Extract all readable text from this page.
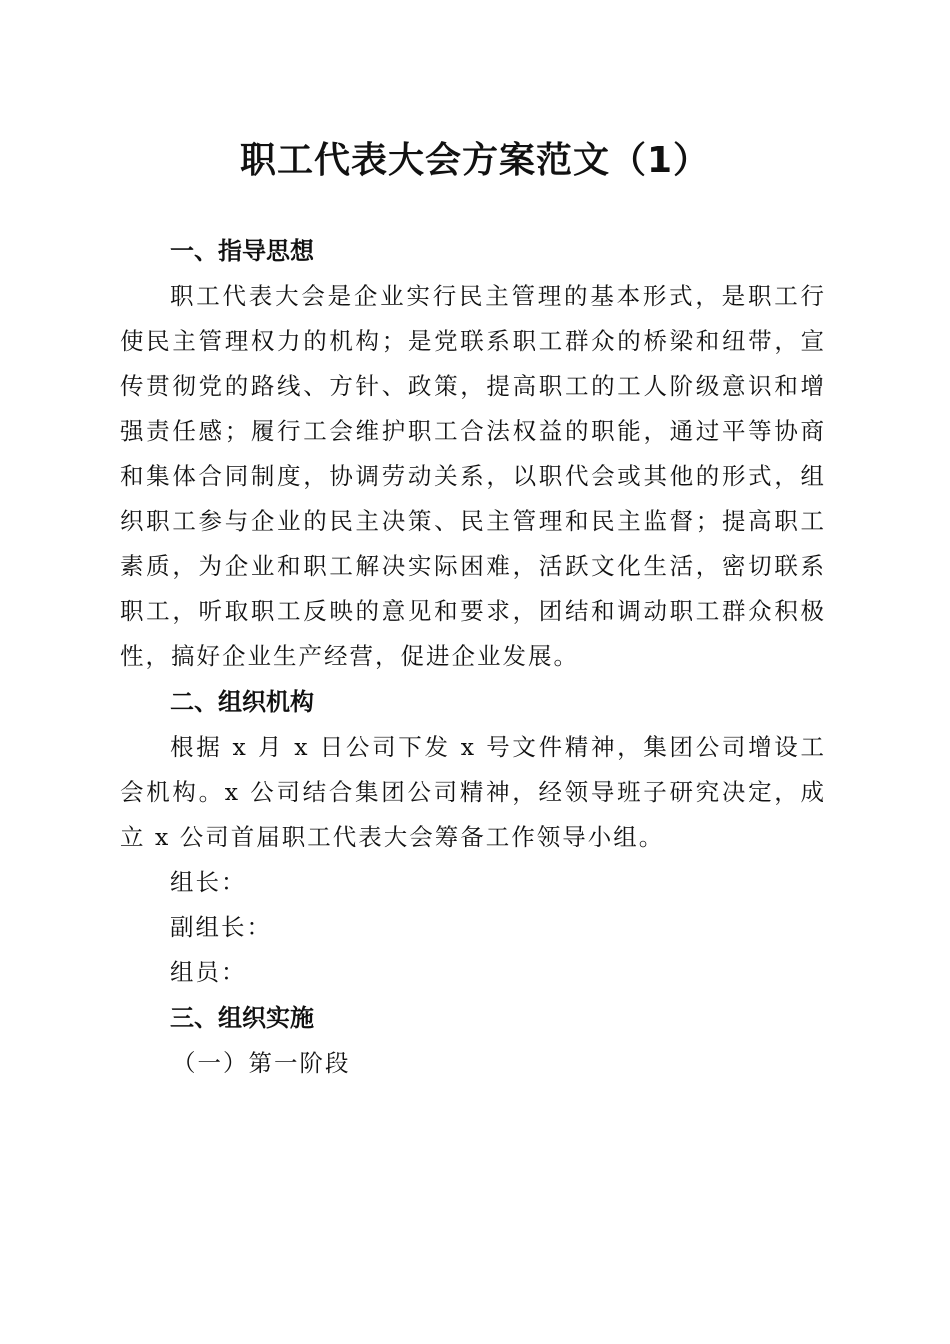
职工代表大会方案范文（1）
一、指导思想

职工代表大会是企业实行民主管理的基本形式，是职工行使民主管理权力的机构；是党联系职工群众的桥梁和纽带，宣传贯彻党的路线、方针、政策，提高职工的工人阶级意识和增强责任感；履行工会维护职工合法权益的职能，通过平等协商和集体合同制度，协调劳动关系，以职代会或其他的形式，组织职工参与企业的民主决策、民主管理和民主监督；提高职工素质，为企业和职工解决实际困难，活跃文化生活，密切联系职工，听取职工反映的意见和要求，团结和调动职工群众积极性，搞好企业生产经营，促进企业发展。

二、组织机构

根据 x 月 x 日公司下发 x 号文件精神，集团公司增设工会机构。x 公司结合集团公司精神，经领导班子研究决定，成立 x 公司首届职工代表大会筹备工作领导小组。

组长：

副组长：

组员：

三、组织实施

（一）第一阶段
